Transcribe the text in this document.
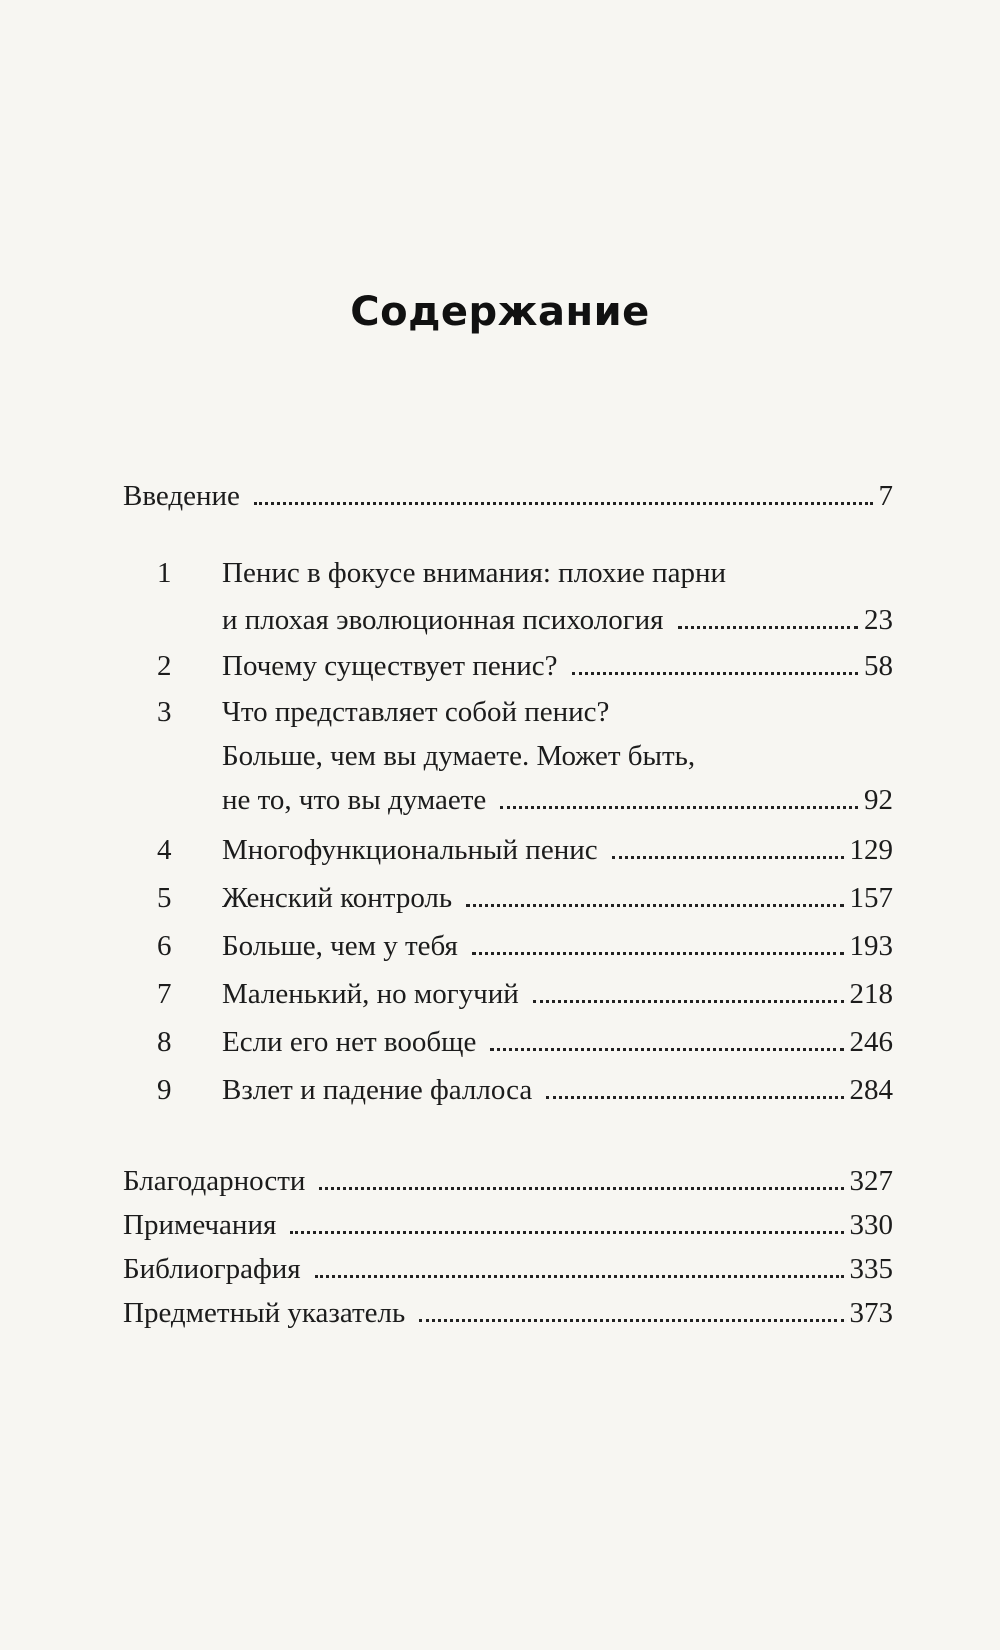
Содержание
Введение	7
1	Пенис в фокусе внимания: плохие парни
и плохая эволюционная психология	23
2	Почему существует пенис?	58
3	Что представляет собой пенис?
Больше, чем вы думаете. Может быть,
не то, что вы думаете	92
4	Многофункциональный пенис	129
5	Женский контроль	157
6	Больше, чем у тебя	193
7	Маленький, но могучий	218
8	Если его нет вообще	246
9	Взлет и падение фаллоса	284
Благодарности	327
Примечания	330
Библиография	335
Предметный указатель	373
